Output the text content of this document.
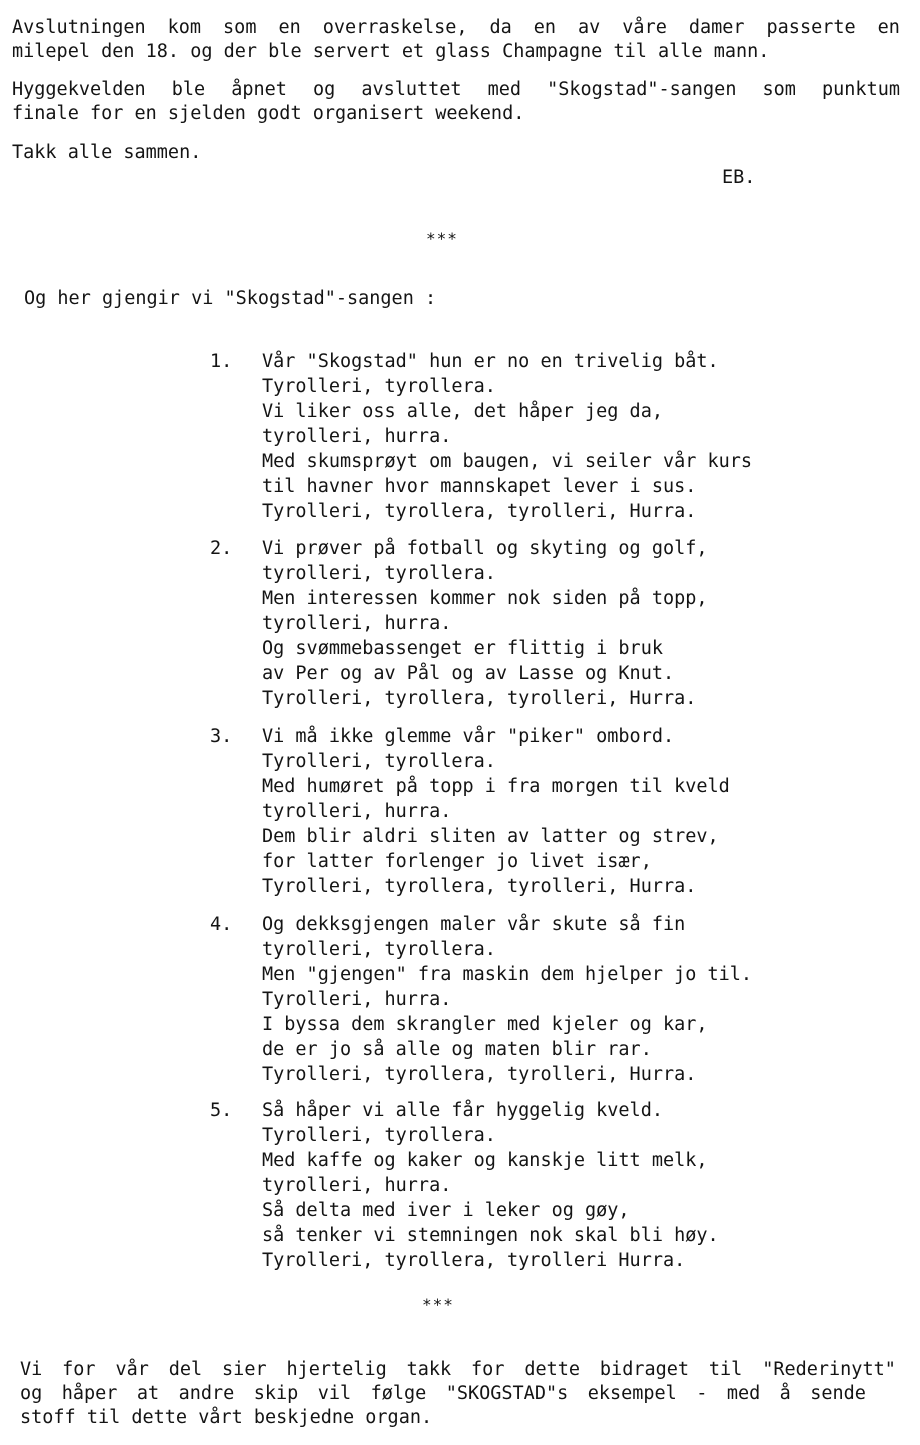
Avslutningen kom som en overraskelse, da en av våre damer passerte en
milepel den 18. og der ble servert et glass Champagne til alle mann.
Hyggekvelden ble åpnet og avsluttet med "Skogstad"-sangen som punktum
finale for en sjelden godt organisert weekend.
Takk alle sammen.
EB.
***
Og her gjengir vi "Skogstad"-sangen :
1. Vår "Skogstad" hun er no en trivelig båt.
Tyrolleri, tyrollera.
Vi liker oss alle, det håper jeg da,
tyrolleri, hurra.
Med skumsprøyt om baugen, vi seiler vår kurs
til havner hvor mannskapet lever i sus.
Tyrolleri, tyrollera, tyrolleri, Hurra.
2. Vi prøver på fotball og skyting og golf,
tyrolleri, tyrollera.
Men interessen kommer nok siden på topp,
tyrolleri, hurra.
Og svømmebassenget er flittig i bruk
av Per og av Pål og av Lasse og Knut.
Tyrolleri, tyrollera, tyrolleri, Hurra.
3. Vi må ikke glemme vår "piker" ombord.
Tyrolleri, tyrollera.
Med humøret på topp i fra morgen til kveld
tyrolleri, hurra.
Dem blir aldri sliten av latter og strev,
for latter forlenger jo livet især,
Tyrolleri, tyrollera, tyrolleri, Hurra.
4. Og dekksgjengen maler vår skute så fin
tyrolleri, tyrollera.
Men "gjengen" fra maskin dem hjelper jo til.
Tyrolleri, hurra.
I byssa dem skrangler med kjeler og kar,
de er jo så alle og maten blir rar.
Tyrolleri, tyrollera, tyrolleri, Hurra.
5. Så håper vi alle får hyggelig kveld.
Tyrolleri, tyrollera.
Med kaffe og kaker og kanskje litt melk,
tyrolleri, hurra.
Så delta med iver i leker og gøy,
så tenker vi stemningen nok skal bli høy.
Tyrolleri, tyrollera, tyrolleri Hurra.
***
Vi for vår del sier hjertelig takk for dette bidraget til "Rederinytt"
og håper at andre skip vil følge "SKOGSTAD"s eksempel - med å sende
stoff til dette vårt beskjedne organ.
